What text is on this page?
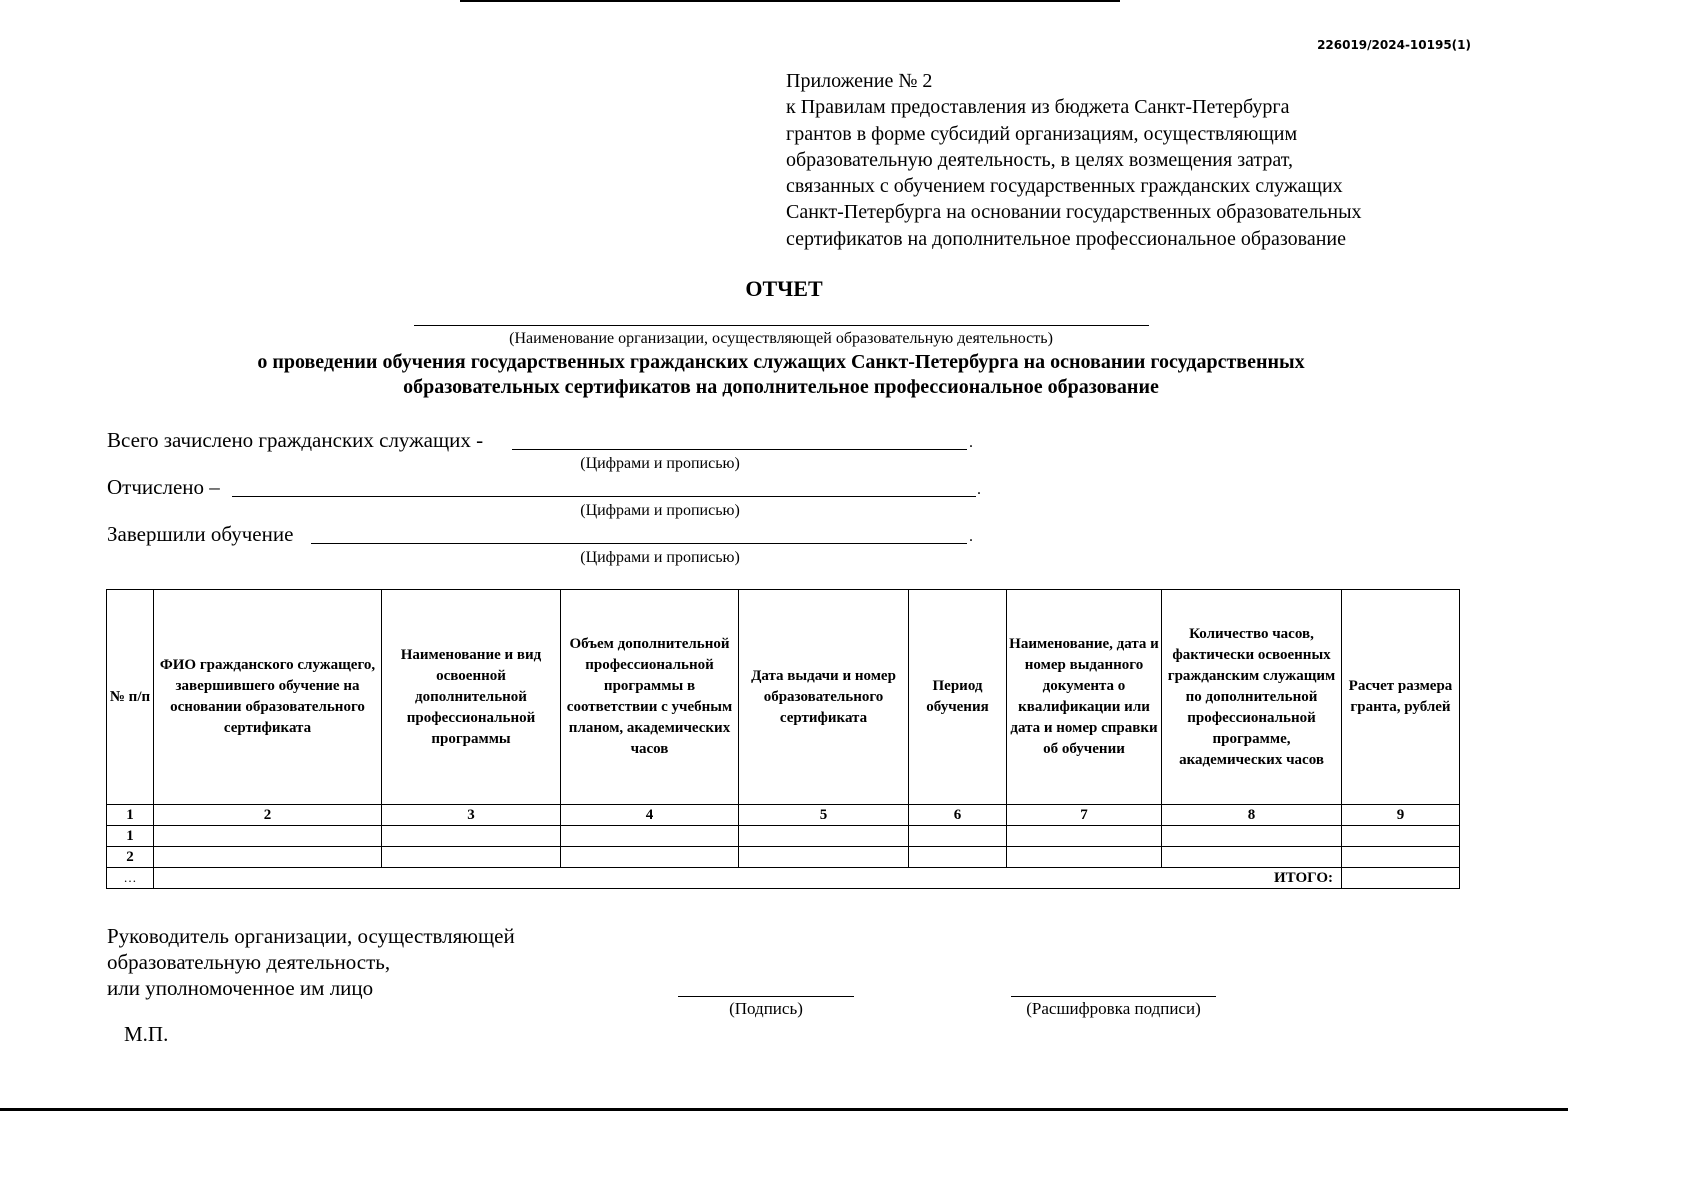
226019/2024-10195(1)
Приложение № 2
к Правилам предоставления из бюджета Санкт-Петербурга
грантов в форме субсидий организациям, осуществляющим
образовательную деятельность, в целях возмещения затрат,
связанных с обучением государственных гражданских служащих
Санкт-Петербурга на основании государственных образовательных
сертификатов на дополнительное профессиональное образование
ОТЧЕТ
(Наименование организации, осуществляющей образовательную деятельность)
о проведении обучения государственных гражданских служащих Санкт-Петербурга на основании государственных
образовательных сертификатов на дополнительное профессиональное образование
Всего зачислено гражданских служащих -	.
(Цифрами и прописью)
Отчислено –	.
(Цифрами и прописью)
Завершили обучение	.
(Цифрами и прописью)
№ п/п	ФИО гражданского служащего, завершившего обучение на основании образовательного сертификата	Наименование и вид освоенной дополнительной профессиональной программы	Объем дополнительной профессиональной программы в соответствии с учебным планом, академических часов	Дата выдачи и номер образовательного сертификата	Период обучения	Наименование, дата и номер выданного документа о квалификации или дата и номер справки об обучении	Количество часов, фактически освоенных гражданским служащим по дополнительной профессиональной программе, академических часов	Расчет размера гранта, рублей
1	2	3	4	5	6	7	8	9
1								
2								
…	ИТОГО:							
Руководитель организации, осуществляющей
образовательную деятельность,
или уполномоченное им лицо
(Подпись)	(Расшифровка подписи)
М.П.
